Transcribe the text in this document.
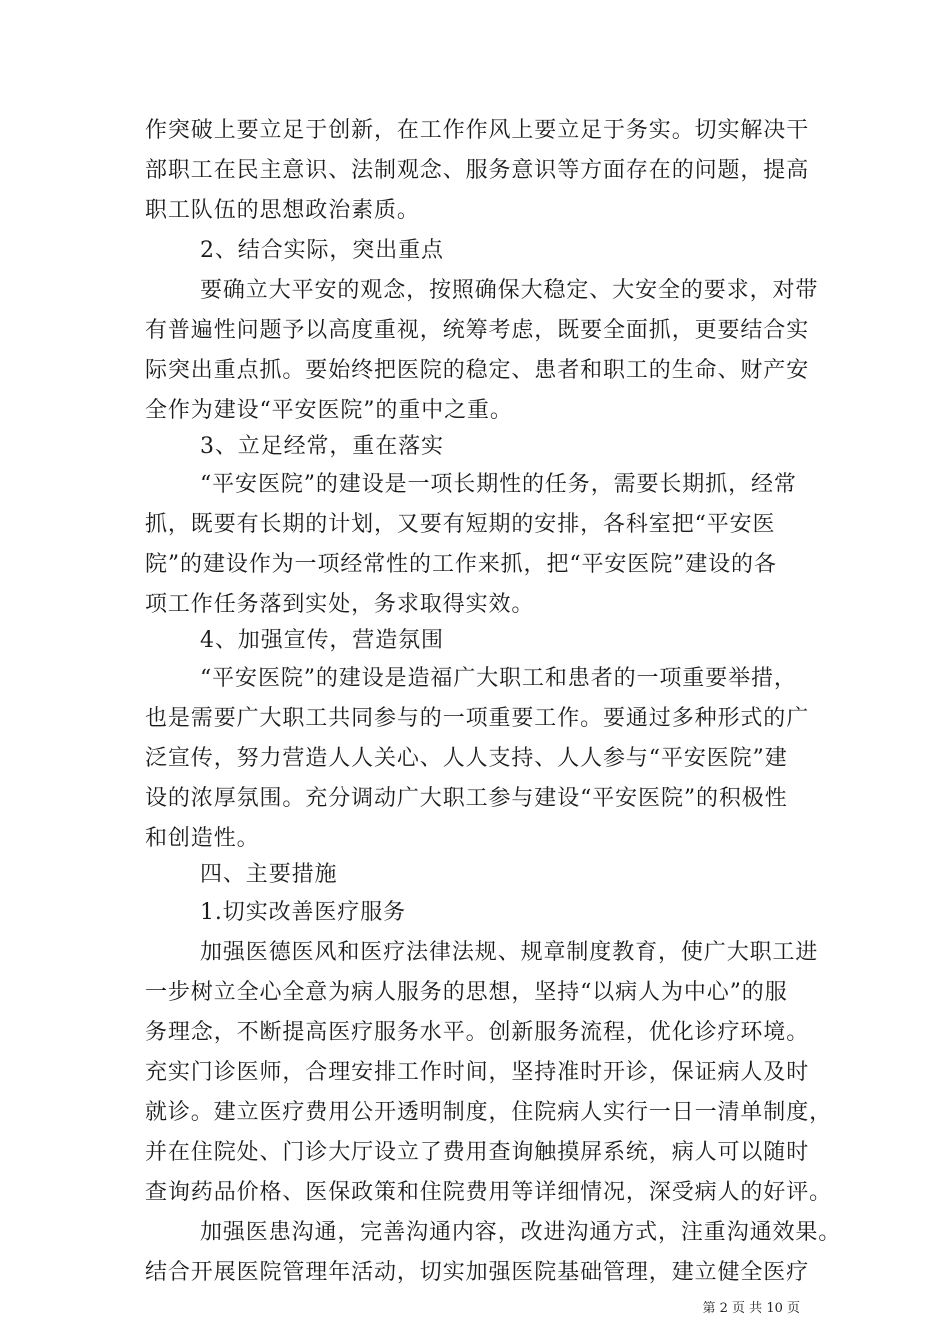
作突破上要立足于创新，在工作作风上要立足于务实。切实解决干
部职工在民主意识、法制观念、服务意识等方面存在的问题，提高
职工队伍的思想政治素质。
2、结合实际，突出重点
要确立大平安的观念，按照确保大稳定、大安全的要求，对带
有普遍性问题予以高度重视，统筹考虑，既要全面抓，更要结合实
际突出重点抓。要始终把医院的稳定、患者和职工的生命、财产安
全作为建设“平安医院”的重中之重。
3、立足经常，重在落实
“平安医院”的建设是一项长期性的任务，需要长期抓，经常
抓，既要有长期的计划，又要有短期的安排，各科室把“平安医
院”的建设作为一项经常性的工作来抓，把“平安医院”建设的各
项工作任务落到实处，务求取得实效。
4、加强宣传，营造氛围
“平安医院”的建设是造福广大职工和患者的一项重要举措，
也是需要广大职工共同参与的一项重要工作。要通过多种形式的广
泛宣传，努力营造人人关心、人人支持、人人参与“平安医院”建
设的浓厚氛围。充分调动广大职工参与建设“平安医院”的积极性
和创造性。
四、主要措施
1.切实改善医疗服务
加强医德医风和医疗法律法规、规章制度教育，使广大职工进
一步树立全心全意为病人服务的思想，坚持“以病人为中心”的服
务理念，不断提高医疗服务水平。创新服务流程，优化诊疗环境。
充实门诊医师，合理安排工作时间，坚持准时开诊，保证病人及时
就诊。建立医疗费用公开透明制度，住院病人实行一日一清单制度，
并在住院处、门诊大厅设立了费用查询触摸屏系统，病人可以随时
查询药品价格、医保政策和住院费用等详细情况，深受病人的好评。
加强医患沟通，完善沟通内容，改进沟通方式，注重沟通效果。
结合开展医院管理年活动，切实加强医院基础管理，建立健全医疗
第 2 页 共 10 页
